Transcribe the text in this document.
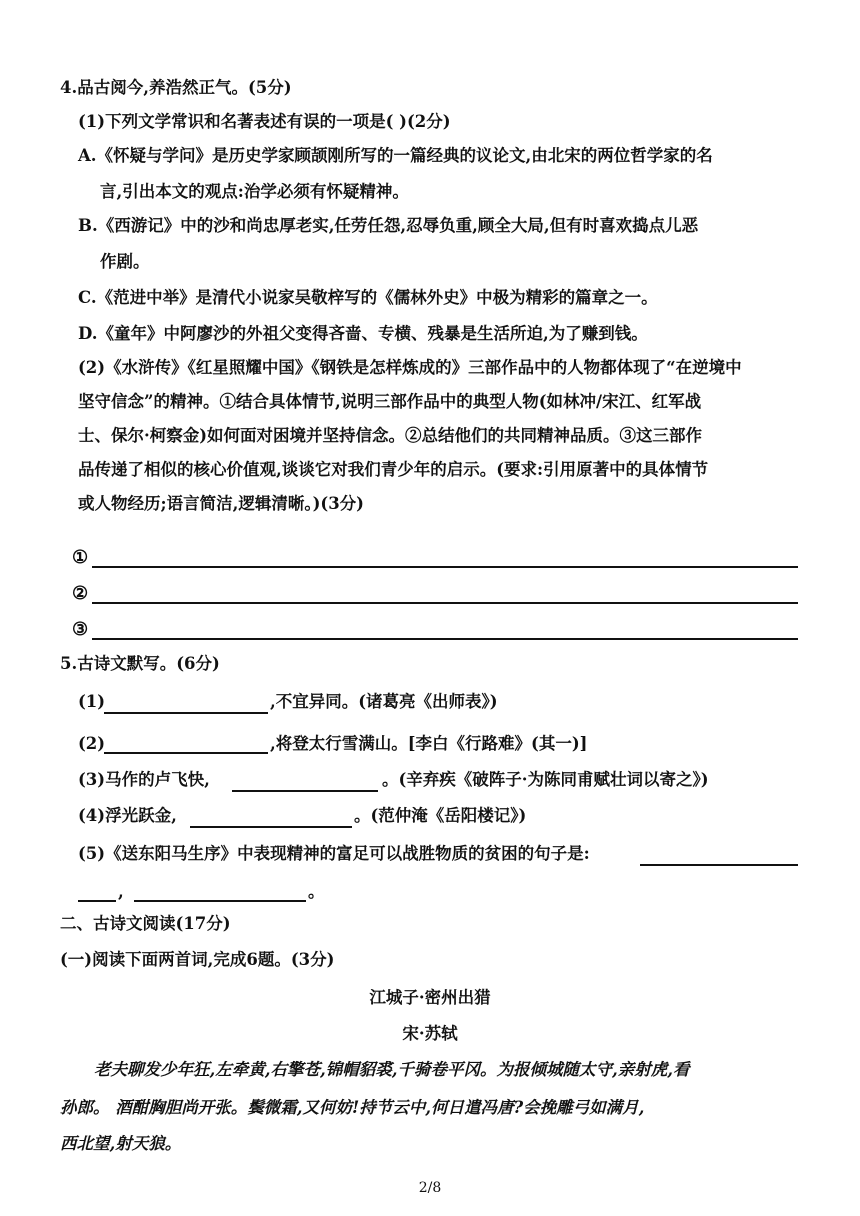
4.品古阅今,养浩然正气。(5分)
(1)下列文学常识和名著表述有误的一项是( )(2分)
A.《怀疑与学问》是历史学家顾颉刚所写的一篇经典的议论文,由北宋的两位哲学家的名
言,引出本文的观点:治学必须有怀疑精神。
B.《西游记》中的沙和尚忠厚老实,任劳任怨,忍辱负重,顾全大局,但有时喜欢捣点儿恶
作剧。
C.《范进中举》是清代小说家吴敬梓写的《儒林外史》中极为精彩的篇章之一。
D.《童年》中阿廖沙的外祖父变得吝啬、专横、残暴是生活所迫,为了赚到钱。
(2)《水浒传》《红星照耀中国》《钢铁是怎样炼成的》三部作品中的人物都体现了“在逆境中
坚守信念”的精神。①结合具体情节,说明三部作品中的典型人物(如林冲/宋江、红军战
士、保尔·柯察金)如何面对困境并坚持信念。②总结他们的共同精神品质。③这三部作
品传递了相似的核心价值观,谈谈它对我们青少年的启示。(要求:引用原著中的具体情节
或人物经历;语言简洁,逻辑清晰。)(3分)
①
②
③
5.古诗文默写。(6分)
(1)	,不宜异同。(诸葛亮《出师表》)
(2)	,将登太行雪满山。[李白《行路难》(其一)]
(3)马作的卢飞快,	。(辛弃疾《破阵子·为陈同甫赋壮词以寄之》)
(4)浮光跃金,	。(范仲淹《岳阳楼记》)
(5)《送东阳马生序》中表现精神的富足可以战胜物质的贫困的句子是:
,	。
二、古诗文阅读(17分)
(一)阅读下面两首词,完成6题。(3分)
江城子·密州出猎
宋·苏轼
老夫聊发少年狂,左牵黄,右擎苍,锦帽貂裘,千骑卷平冈。为报倾城随太守,亲射虎,看
孙郎。 酒酣胸胆尚开张。鬓微霜,又何妨!持节云中,何日遣冯唐?会挽雕弓如满月,
西北望,射天狼。
2/8
